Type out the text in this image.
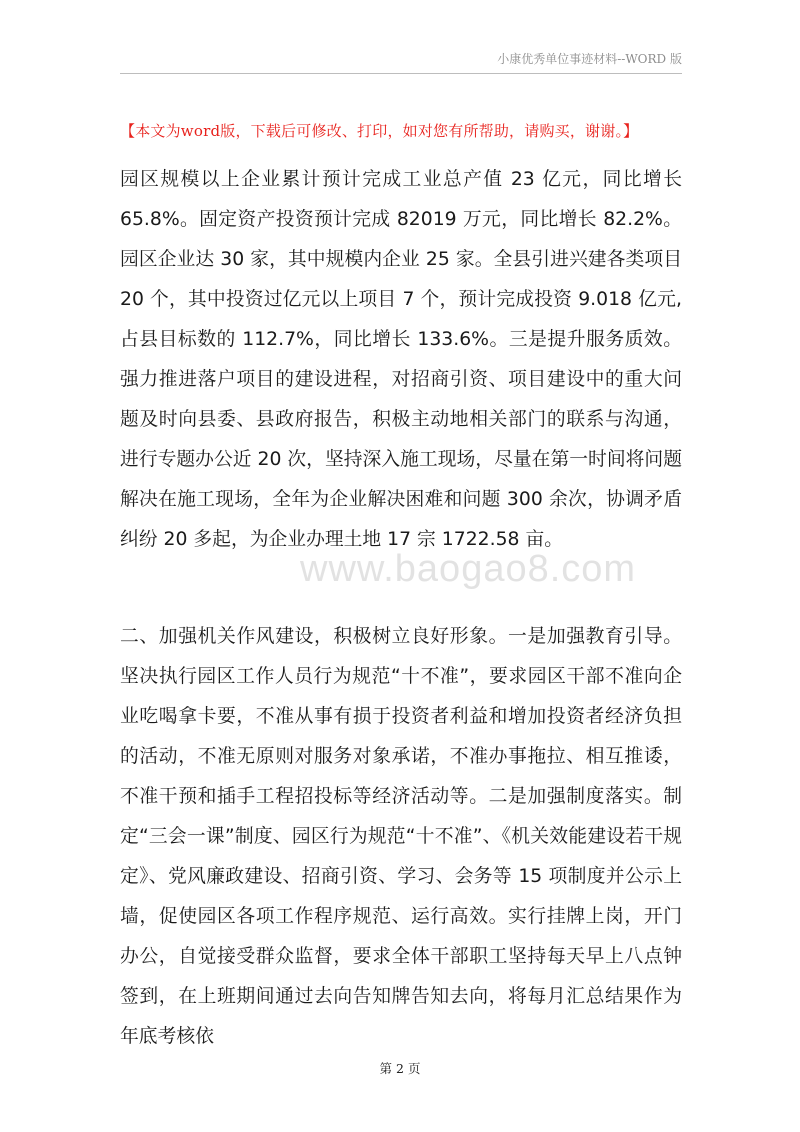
小康优秀单位事迹材料--WORD 版
【本文为word版，下载后可修改、打印，如对您有所帮助，请购买，谢谢。】

园区规模以上企业累计预计完成工业总产值 23 亿元，同比增长 65.8%。固定资产投资预计完成 82019 万元，同比增长 82.2%。园区企业达 30 家，其中规模内企业 25 家。全县引进兴建各类项目 20 个，其中投资过亿元以上项目 7 个，预计完成投资 9.018 亿元,占县目标数的 112.7%，同比增长 133.6%。三是提升服务质效。强力推进落户项目的建设进程，对招商引资、项目建设中的重大问题及时向县委、县政府报告，积极主动地相关部门的联系与沟通，进行专题办公近 20 次，坚持深入施工现场，尽量在第一时间将问题解决在施工现场，全年为企业解决困难和问题 300 余次，协调矛盾纠纷 20 多起，为企业办理土地 17 宗 1722.58 亩。

www.baogao8.com

二、加强机关作风建设，积极树立良好形象。一是加强教育引导。坚决执行园区工作人员行为规范“十不准”，要求园区干部不准向企业吃喝拿卡要，不准从事有损于投资者利益和增加投资者经济负担的活动，不准无原则对服务对象承诺，不准办事拖拉、相互推诿，不准干预和插手工程招投标等经济活动等。二是加强制度落实。制定“三会一课”制度、园区行为规范“十不准”、《机关效能建设若干规定》、党风廉政建设、招商引资、学习、会务等 15 项制度并公示上墙，促使园区各项工作程序规范、运行高效。实行挂牌上岗，开门办公，自觉接受群众监督，要求全体干部职工坚持每天早上八点钟签到，在上班期间通过去向告知牌告知去向，将每月汇总结果作为年底考核依

第 2 页
